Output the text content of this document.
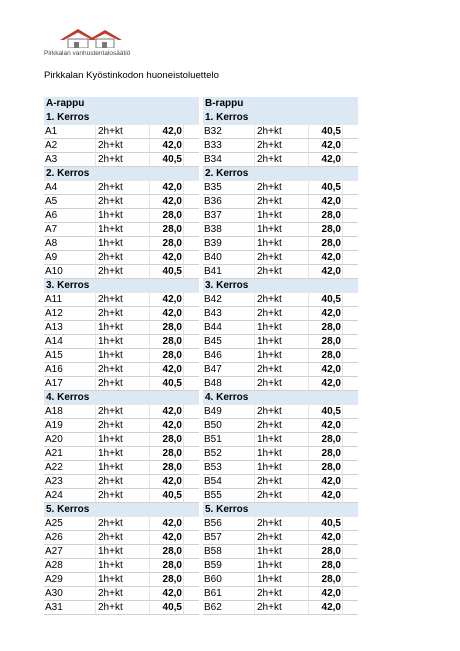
Pirkkalan vanhustentalosäätiö
Pirkkalan Kyöstinkodon huoneistoluettelo
A-rappu
1. Kerros
A1	2h+kt	42,0
A2	2h+kt	42,0
A3	2h+kt	40,5
2. Kerros
A4	2h+kt	42,0
A5	2h+kt	42,0
A6	1h+kt	28,0
A7	1h+kt	28,0
A8	1h+kt	28,0
A9	2h+kt	42,0
A10	2h+kt	40,5
3. Kerros
A11	2h+kt	42,0
A12	2h+kt	42,0
A13	1h+kt	28,0
A14	1h+kt	28,0
A15	1h+kt	28,0
A16	2h+kt	42,0
A17	2h+kt	40,5
4. Kerros
A18	2h+kt	42,0
A19	2h+kt	42,0
A20	1h+kt	28,0
A21	1h+kt	28,0
A22	1h+kt	28,0
A23	2h+kt	42,0
A24	2h+kt	40,5
5. Kerros
A25	2h+kt	42,0
A26	2h+kt	42,0
A27	1h+kt	28,0
A28	1h+kt	28,0
A29	1h+kt	28,0
A30	2h+kt	42,0
A31	2h+kt	40,5
B-rappu
1. Kerros
B32	2h+kt	40,5
B33	2h+kt	42,0
B34	2h+kt	42,0
2. Kerros
B35	2h+kt	40,5
B36	2h+kt	42,0
B37	1h+kt	28,0
B38	1h+kt	28,0
B39	1h+kt	28,0
B40	2h+kt	42,0
B41	2h+kt	42,0
3. Kerros
B42	2h+kt	40,5
B43	2h+kt	42,0
B44	1h+kt	28,0
B45	1h+kt	28,0
B46	1h+kt	28,0
B47	2h+kt	42,0
B48	2h+kt	42,0
4. Kerros
B49	2h+kt	40,5
B50	2h+kt	42,0
B51	1h+kt	28,0
B52	1h+kt	28,0
B53	1h+kt	28,0
B54	2h+kt	42,0
B55	2h+kt	42,0
5. Kerros
B56	2h+kt	40,5
B57	2h+kt	42,0
B58	1h+kt	28,0
B59	1h+kt	28,0
B60	1h+kt	28,0
B61	2h+kt	42,0
B62	2h+kt	42,0
